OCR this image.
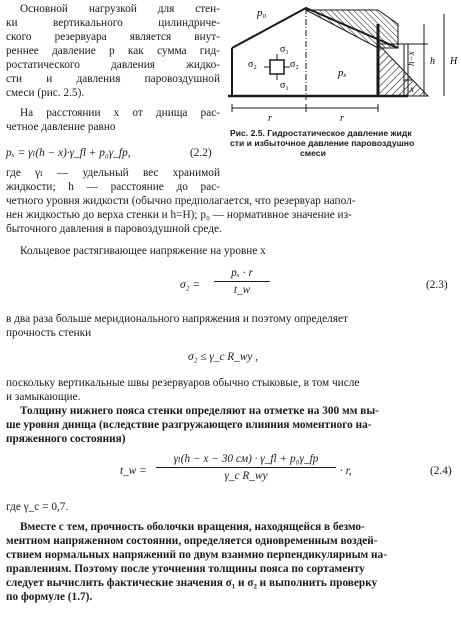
Основной нагрузкой для стен-
ки вертикального цилиндриче-
ского резервуара является внут-
реннее давление p как сумма гид-
ростатического давления жидко-
сти и давления паровоздушной
смеси (рис. 2.5).
На расстоянии x от днища рас-
четное давление равно
pₓ = γₗ(h − x)·γ_fl + p₀γ_fp,	(2.2)
p₀
σ₁
σ₁
σ₂	σ₂
pₓ
h−x h H
x
r	r
Рис. 2.5. Гидростатическое давление жидк
сти и избыточное давление паровоздушно
смеси
где γₗ — удельный вес хранимой
жидкости; h — расстояние до рас-
четного уровня жидкости (обычно предполагается, что резервуар напол-
нен жидкостью до верха стенки и h=H); p₀ — нормативное значение из-
быточного давления в паровоздушной среде.
Кольцевое растягивающее напряжение на уровне x
σ₂ =
pₓ · r
t_w	(2.3)
в два раза больше меридионального напряжения и поэтому определяет
прочность стенки
σ₂ ≤ γ_c R_wy ,
поскольку вертикальные швы резервуаров обычно стыковые, в том числе
и замыкающие.
Толщину нижнего пояса стенки определяют на отметке на 300 мм вы-
ше уровня днища (вследствие разгружающего влияния моментного на-
пряженного состояния)
t_w =
γₗ(h − x − 30 см) · γ_fl + p₀γ_fp
γ_c R_wy	· r,	(2.4)
где γ_c = 0,7.
Вместе с тем, прочность оболочки вращения, находящейся в безмо-
ментном напряженном состоянии, определяется одновременным воздей-
ствием нормальных напряжений по двум взаимно перпендикулярным на-
правлениям. Поэтому после уточнения толщины пояса по сортаменту
следует вычислить фактические значения σ₁ и σ₂ и выполнить проверку
по формуле (1.7).
